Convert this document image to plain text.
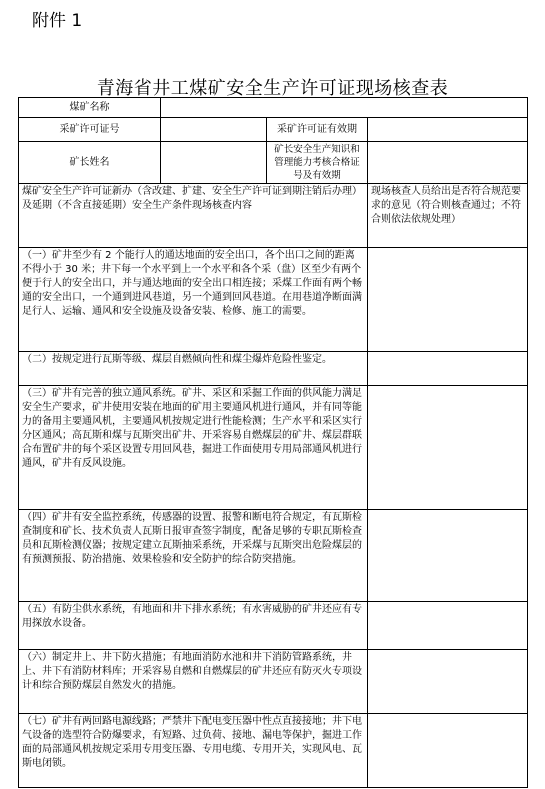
附件 1
青海省井工煤矿安全生产许可证现场核查表
煤矿名称			
采矿许可证号		采矿许可证有效期	
矿长姓名		矿长安全生产知识和管理能力考核合格证号及有效期	
煤矿安全生产许可证新办（含改建、扩建、安全生产许可证到期注销后办理）及延期（不含直接延期）安全生产条件现场核查内容			现场核查人员给出是否符合规范要求的意见（符合则核查通过；不符合则依法依规处理）
（一）矿井至少有 2 个能行人的通达地面的安全出口，各个出口之间的距离不得小于 30 米；井下每一个水平到上一个水平和各个采（盘）区至少有两个便于行人的安全出口，并与通达地面的安全出口相连接；采煤工作面有两个畅通的安全出口，一个通到进风巷道，另一个通到回风巷道。在用巷道净断面满足行人、运输、通风和安全设施及设备安装、检修、施工的需要。			
（二）按规定进行瓦斯等级、煤层自燃倾向性和煤尘爆炸危险性鉴定。			
（三）矿井有完善的独立通风系统。矿井、采区和采掘工作面的供风能力满足安全生产要求，矿井使用安装在地面的矿用主要通风机进行通风，并有同等能力的备用主要通风机，主要通风机按规定进行性能检测；生产水平和采区实行分区通风；高瓦斯和煤与瓦斯突出矿井、开采容易自燃煤层的矿井、煤层群联合布置矿井的每个采区设置专用回风巷，掘进工作面使用专用局部通风机进行通风，矿井有反风设施。			
（四）矿井有安全监控系统，传感器的设置、报警和断电符合规定，有瓦斯检查制度和矿长、技术负责人瓦斯日报审查签字制度，配备足够的专职瓦斯检查员和瓦斯检测仪器；按规定建立瓦斯抽采系统，开采煤与瓦斯突出危险煤层的有预测预报、防治措施、效果检验和安全防护的综合防突措施。			
（五）有防尘供水系统，有地面和井下排水系统；有水害威胁的矿井还应有专用探放水设备。			
（六）制定井上、井下防火措施；有地面消防水池和井下消防管路系统，井上、井下有消防材料库；开采容易自燃和自燃煤层的矿井还应有防灭火专项设计和综合预防煤层自然发火的措施。			
（七）矿井有两回路电源线路；严禁井下配电变压器中性点直接接地；井下电气设备的选型符合防爆要求，有短路、过负荷、接地、漏电等保护，掘进工作面的局部通风机按规定采用专用变压器、专用电缆、专用开关，实现风电、瓦斯电闭锁。			
